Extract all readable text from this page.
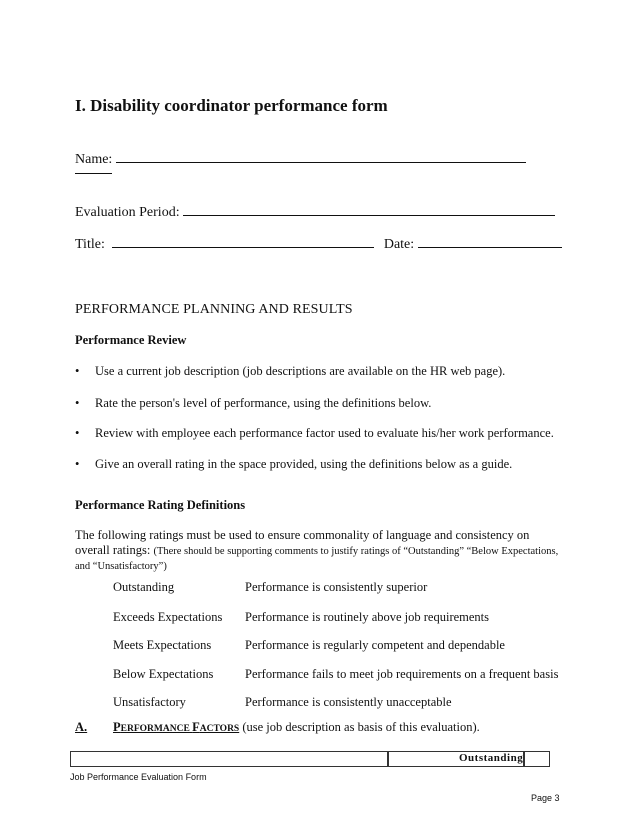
I. Disability coordinator performance form
Name:
Evaluation Period:
Title:	Date:
PERFORMANCE PLANNING AND RESULTS
Performance Review
• Use a current job description (job descriptions are available on the HR web page).
• Rate the person's level of performance, using the definitions below.
• Review with employee each performance factor used to evaluate his/her work performance.
• Give an overall rating in the space provided, using the definitions below as a guide.
Performance Rating Definitions
The following ratings must be used to ensure commonality of language and consistency on
overall ratings: (There should be supporting comments to justify ratings of “Outstanding” “Below Expectations,
and “Unsatisfactory”)
Outstanding	Performance is consistently superior
Exceeds Expectations Performance is routinely above job requirements
Meets Expectations	Performance is regularly competent and dependable
Below Expectations	Performance fails to meet job requirements on a frequent basis
Unsatisfactory	Performance is consistently unacceptable
A. PERFORMANCE FACTORS (use job description as basis of this evaluation).
Outstanding
Job Performance Evaluation Form
Page 3
